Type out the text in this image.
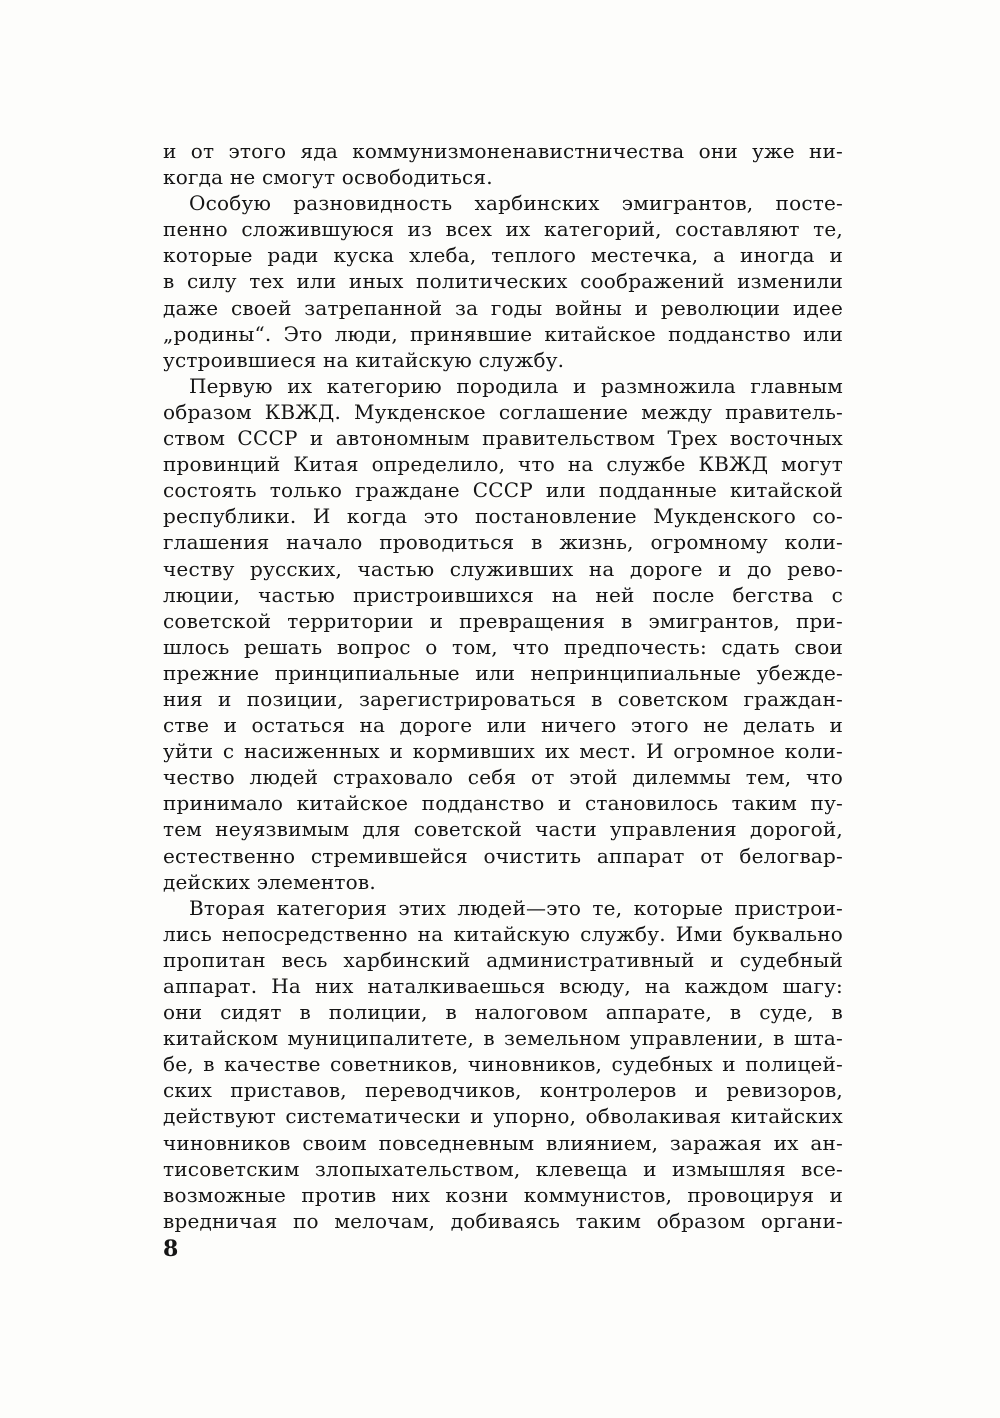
и от этого яда коммунизмоненавистничества они уже ни-
когда не смогут освободиться.
Особую разновидность харбинских эмигрантов, посте-
пенно сложившуюся из всех их категорий, составляют те,
которые ради куска хлеба, теплого местечка, а иногда и
в силу тех или иных политических соображений изменили
даже своей затрепанной за годы войны и революции идее
„родины“. Это люди, принявшие китайское подданство или
устроившиеся на китайскую службу.
Первую их категорию породила и размножила главным
образом КВЖД. Мукденское соглашение между правитель-
ством СССР и автономным правительством Трех восточных
провинций Китая определило, что на службе КВЖД могут
состоять только граждане СССР или подданные китайской
республики. И когда это постановление Мукденского со-
глашения начало проводиться в жизнь, огромному коли-
честву русских, частью служивших на дороге и до рево-
люции, частью пристроившихся на ней после бегства с
советской территории и превращения в эмигрантов, при-
шлось решать вопрос о том, что предпочесть: сдать свои
прежние принципиальные или непринципиальные убежде-
ния и позиции, зарегистрироваться в советском граждан-
стве и остаться на дороге или ничего этого не делать и
уйти с насиженных и кормивших их мест. И огромное коли-
чество людей страховало себя от этой дилеммы тем, что
принимало китайское подданство и становилось таким пу-
тем неуязвимым для советской части управления дорогой,
естественно стремившейся очистить аппарат от белогвар-
дейских элементов.
Вторая категория этих людей—это те, которые пристрои-
лись непосредственно на китайскую службу. Ими буквально
пропитан весь харбинский административный и судебный
аппарат. На них наталкиваешься всюду, на каждом шагу:
они сидят в полиции, в налоговом аппарате, в суде, в
китайском муниципалитете, в земельном управлении, в шта-
бе, в качестве советников, чиновников, судебных и полицей-
ских приставов, переводчиков, контролеров и ревизоров,
действуют систематически и упорно, обволакивая китайских
чиновников своим повседневным влиянием, заражая их ан-
тисоветским злопыхательством, клевеща и измышляя все-
возможные против них козни коммунистов, провоцируя и
вредничая по мелочам, добиваясь таким образом органи-
8
